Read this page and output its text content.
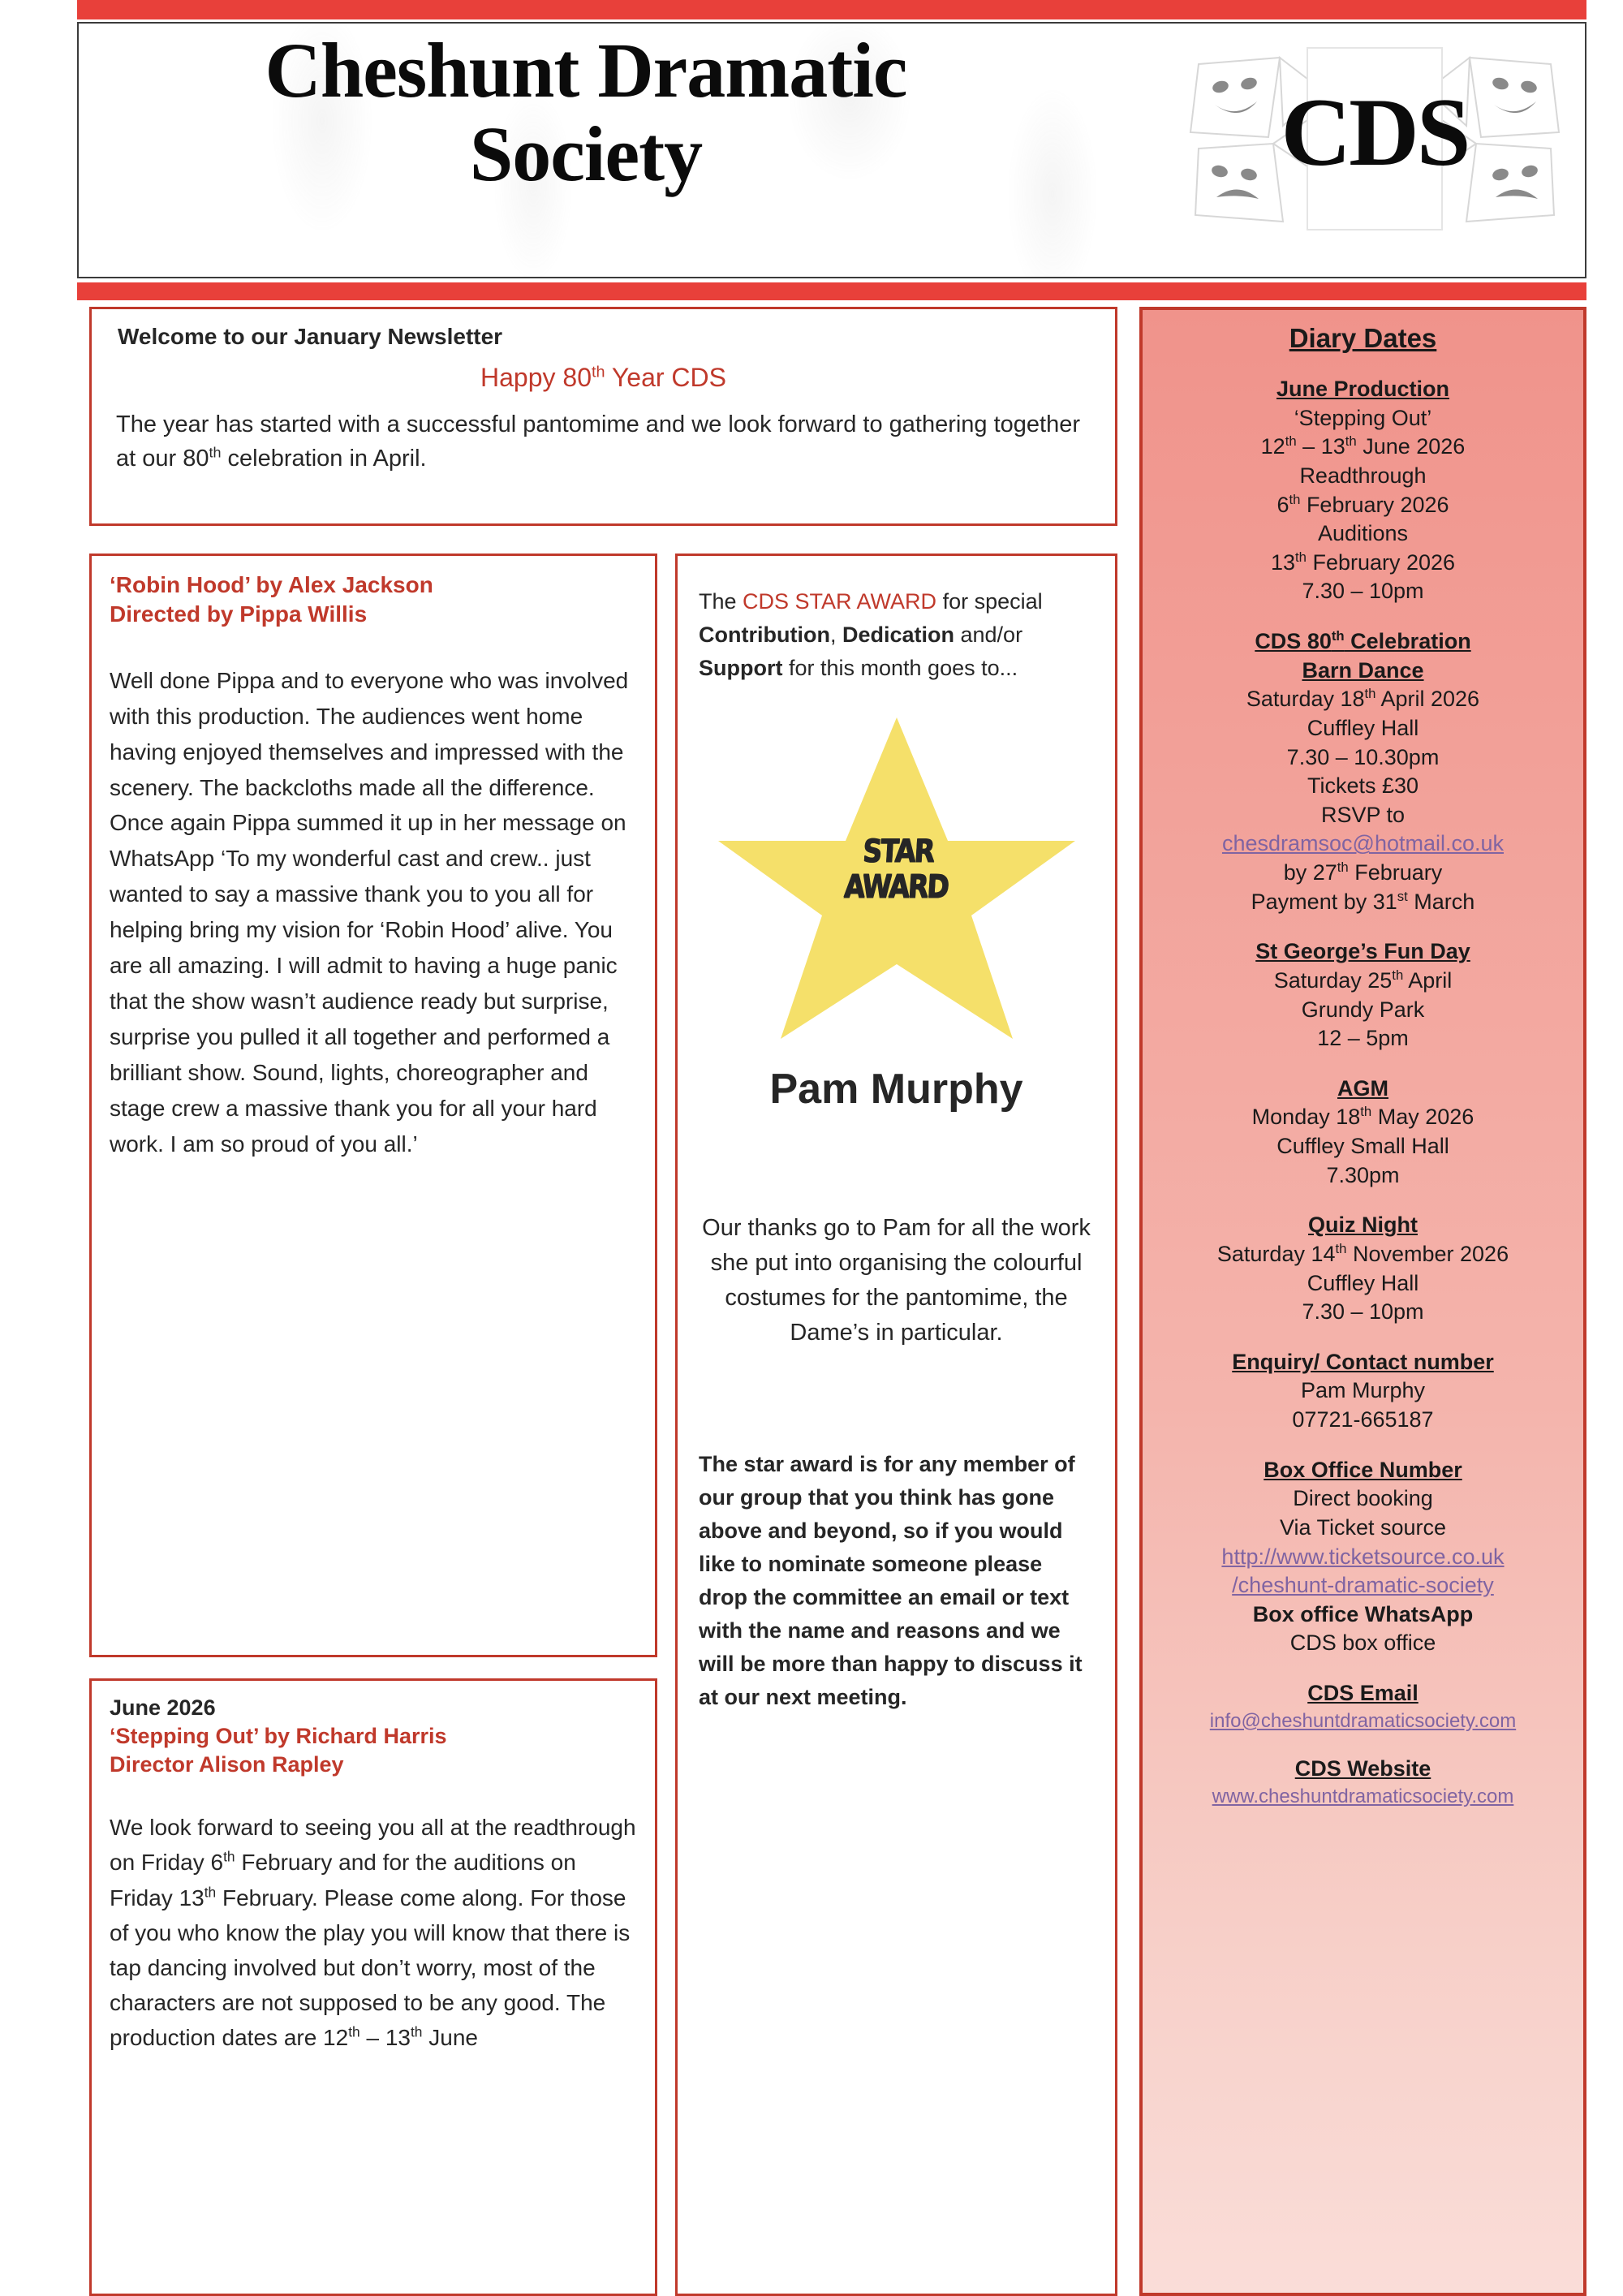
Cheshunt Dramatic
Society	CDS
Welcome to our January Newsletter
Happy 80th Year CDS
The year has started with a successful pantomime and we look forward to gathering together at our 80th celebration in April.
‘Robin Hood’ by Alex Jackson
Directed by Pippa Willis
Well done Pippa and to everyone who was involved with this production. The audiences went home having enjoyed themselves and impressed with the scenery. The backcloths made all the difference. Once again Pippa summed it up in her message on WhatsApp ‘To my wonderful cast and crew.. just wanted to say a massive thank you to you all for helping bring my vision for ‘Robin Hood’ alive. You are all amazing. I will admit to having a huge panic that the show wasn’t audience ready but surprise, surprise you pulled it all together and performed a brilliant show. Sound, lights, choreographer and stage crew a massive thank you for all your hard work. I am so proud of you all.’
June 2026
‘Stepping Out’ by Richard Harris
Director Alison Rapley
We look forward to seeing you all at the readthrough on Friday 6th February and for the auditions on Friday 13th February. Please come along. For those of you who know the play you will know that there is tap dancing involved but don’t worry, most of the characters are not supposed to be any good. The production dates are 12th – 13th June
The CDS STAR AWARD for special Contribution, Dedication and/or Support for this month goes to...
STAR
AWARD
Pam Murphy
Our thanks go to Pam for all the work she put into organising the colourful costumes for the pantomime, the Dame’s in particular.
The star award is for any member of our group that you think has gone above and beyond, so if you would like to nominate someone please drop the committee an email or text with the name and reasons and we will be more than happy to discuss it at our next meeting.
Diary Dates
June Production
‘Stepping Out’
12th – 13th June 2026
Readthrough
6th February 2026
Auditions
13th February 2026
7.30 – 10pm
CDS 80th Celebration
Barn Dance
Saturday 18th April 2026
Cuffley Hall
7.30 – 10.30pm
Tickets £30
RSVP to
chesdramsoc@hotmail.co.uk
by 27th February
Payment by 31st March
St George’s Fun Day
Saturday 25th April
Grundy Park
12 – 5pm
AGM
Monday 18th May 2026
Cuffley Small Hall
7.30pm
Quiz Night
Saturday 14th November 2026
Cuffley Hall
7.30 – 10pm
Enquiry/ Contact number
Pam Murphy
07721-665187
Box Office Number
Direct booking
Via Ticket source
http://www.ticketsource.co.uk
/cheshunt-dramatic-society
Box office WhatsApp
CDS box office
CDS Email
info@cheshuntdramaticsociety.com
CDS Website
www.cheshuntdramaticsociety.com
